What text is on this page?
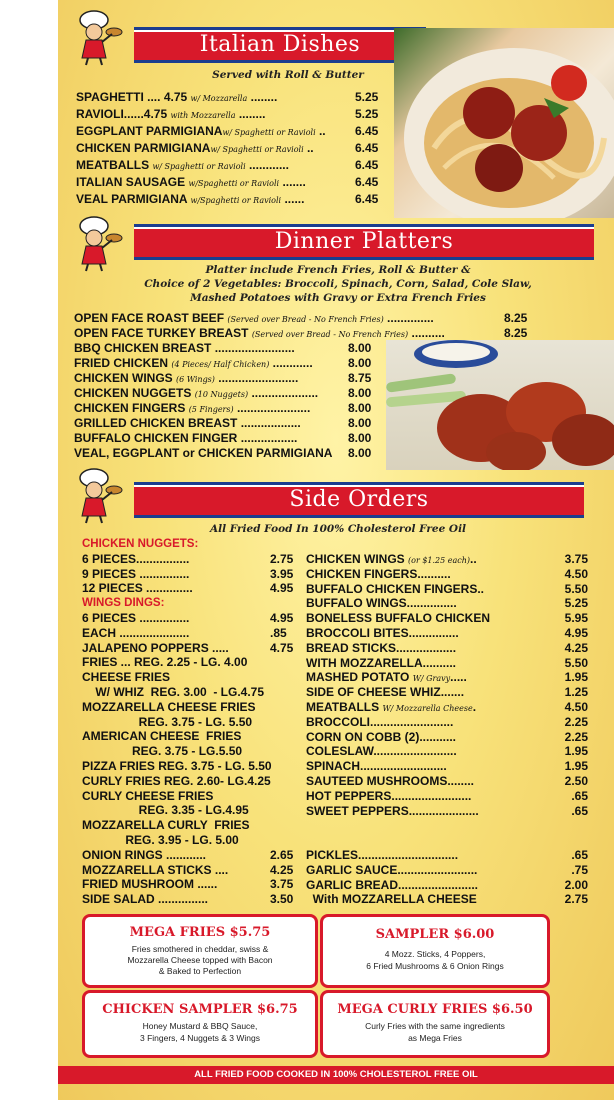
Italian Dishes
Served with Roll & Butter
SPAGHETTI .... 4.75 w/ Mozzarella ........	5.25
RAVIOLI......4.75 with Mozzarella ........	5.25
EGGPLANT PARMIGIANAw/ Spaghetti or Ravioli .. 6.45
CHICKEN PARMIGIANAw/ Spaghetti or Ravioli ..	6.45
MEATBALLS w/ Spaghetti or Ravioli ............	6.45
ITALIAN SAUSAGE w/Spaghetti or Ravioli .......	6.45
VEAL PARMIGIANA w/Spaghetti or Ravioli ......	6.45
Dinner Platters
Platter include French Fries, Roll & Butter &
Choice of 2 Vegetables: Broccoli, Spinach, Corn, Salad, Cole Slaw,
Mashed Potatoes with Gravy or Extra French Fries
OPEN FACE ROAST BEEF (Served over Bread - No French Fries) ..............	8.25
OPEN FACE TURKEY BREAST (Served over Bread - No French Fries) ..........	8.25
BBQ CHICKEN BREAST ........................	8.00
FRIED CHICKEN (4 Pieces/ Half Chicken) ............	8.00
CHICKEN WINGS (6 Wings) ........................	8.75
CHICKEN NUGGETS (10 Nuggets) .................... 8.00
CHICKEN FINGERS (5 Fingers) ......................	8.00
GRILLED CHICKEN BREAST ..................	8.00
BUFFALO CHICKEN FINGER .................	8.00
VEAL, EGGPLANT or CHICKEN PARMIGIANA 8.00
Side Orders
All Fried Food In 100% Cholesterol Free Oil
CHICKEN NUGGETS:
6 PIECES................	2.75
9 PIECES ...............	3.95
12 PIECES ..............	4.95
WINGS DINGS:
6 PIECES ...............	4.95
EACH .....................	.85
JALAPENO POPPERS .....	4.75
FRIES ... REG. 2.25 - LG. 4.00
CHEESE FRIES
W/ WHIZ  REG. 3.00  - LG.4.75
MOZZARELLA CHEESE FRIES
REG. 3.75 - LG. 5.50
AMERICAN CHEESE  FRIES
REG. 3.75 - LG.5.50
PIZZA FRIES REG. 3.75 - LG. 5.50
CURLY FRIES REG. 2.60- LG.4.25
CURLY CHEESE FRIES
REG. 3.35 - LG.4.95
MOZZARELLA CURLY  FRIES
REG. 3.95 - LG. 5.00
ONION RINGS ............	2.65
MOZZARELLA STICKS ....	4.25
FRIED MUSHROOM ......	3.75
SIDE SALAD ...............	3.50
CHICKEN WINGS (or $1.25 each)..	3.75
CHICKEN FINGERS..........	4.50
BUFFALO CHICKEN FINGERS..	5.50
BUFFALO WINGS...............	5.25
BONELESS BUFFALO CHICKEN	5.95
BROCCOLI BITES...............	4.95
BREAD STICKS..................	4.25
WITH MOZZARELLA..........	5.50
MASHED POTATO W/ Gravy.....	1.95
SIDE OF CHEESE WHIZ.......	1.25
MEATBALLS W/ Mozzarella Cheese.	4.50
BROCCOLI.........................	2.25
CORN ON COBB (2)...........	2.25
COLESLAW.........................	1.95
SPINACH..........................	1.95
SAUTEED MUSHROOMS........	2.50
HOT PEPPERS........................	.65
SWEET PEPPERS.....................	.65
PICKLES..............................	.65
GARLIC SAUCE........................	.75
GARLIC BREAD........................	2.00
With MOZZARELLA CHEESE	2.75
MEGA FRIES $5.75
Fries smothered in cheddar, swiss &
Mozzarella Cheese topped with Bacon
& Baked to Perfection
SAMPLER $6.00
4 Mozz. Sticks, 4 Poppers,
6 Fried Mushrooms & 6 Onion Rings
CHICKEN SAMPLER $6.75
Honey Mustard & BBQ Sauce,
3 Fingers, 4 Nuggets & 3 Wings
MEGA CURLY FRIES $6.50
Curly Fries with the same ingredients
as Mega Fries
ALL FRIED FOOD COOKED IN 100% CHOLESTEROL FREE OIL
